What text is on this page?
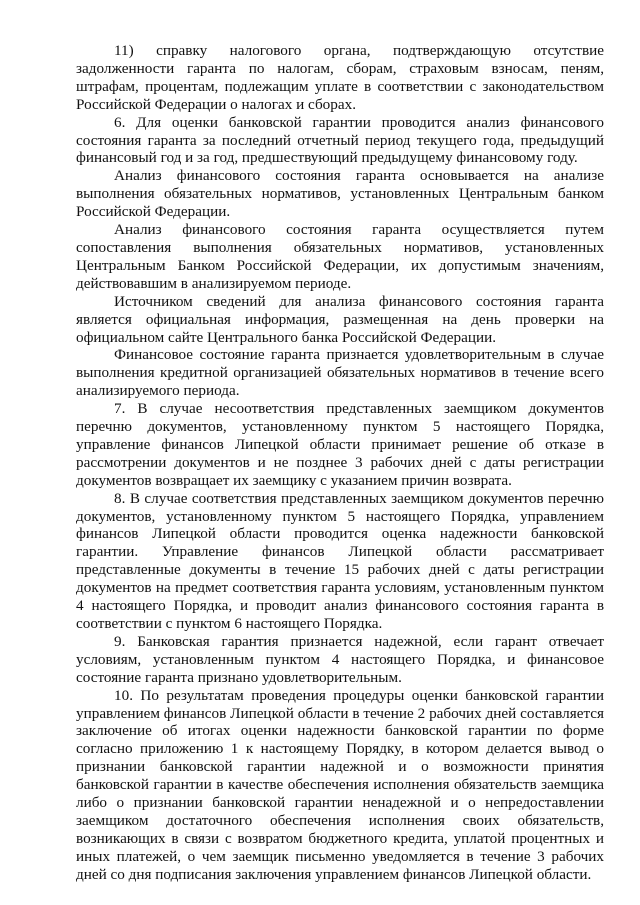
11) справку налогового органа, подтверждающую отсутствие задолженности гаранта по налогам, сборам, страховым взносам, пеням, штрафам, процентам, подлежащим уплате в соответствии с законодательством Российской Федерации о налогах и сборах.

6. Для оценки банковской гарантии проводится анализ финансового состояния гаранта за последний отчетный период текущего года, предыдущий финансовый год и за год, предшествующий предыдущему финансовому году.

Анализ финансового состояния гаранта основывается на анализе выполнения обязательных нормативов, установленных Центральным банком Российской Федерации.

Анализ финансового состояния гаранта осуществляется путем сопоставления выполнения обязательных нормативов, установленных Центральным Банком Российской Федерации, их допустимым значениям, действовавшим в анализируемом периоде.

Источником сведений для анализа финансового состояния гаранта является официальная информация, размещенная на день проверки на официальном сайте Центрального банка Российской Федерации.

Финансовое состояние гаранта признается удовлетворительным в случае выполнения кредитной организацией обязательных нормативов в течение всего анализируемого периода.

7. В случае несоответствия представленных заемщиком документов перечню документов, установленному пунктом 5 настоящего Порядка, управление финансов Липецкой области принимает решение об отказе в рассмотрении документов и не позднее 3 рабочих дней с даты регистрации документов возвращает их заемщику с указанием причин возврата.

8. В случае соответствия представленных заемщиком документов перечню документов, установленному пунктом 5 настоящего Порядка, управлением финансов Липецкой области проводится оценка надежности банковской гарантии. Управление финансов Липецкой области рассматривает представленные документы в течение 15 рабочих дней с даты регистрации документов на предмет соответствия гаранта условиям, установленным пунктом 4 настоящего Порядка, и проводит анализ финансового состояния гаранта в соответствии с пунктом 6 настоящего Порядка.

9. Банковская гарантия признается надежной, если гарант отвечает условиям, установленным пунктом 4 настоящего Порядка, и финансовое состояние гаранта признано удовлетворительным.

10. По результатам проведения процедуры оценки банковской гарантии управлением финансов Липецкой области в течение 2 рабочих дней составляется заключение об итогах оценки надежности банковской гарантии по форме согласно приложению 1 к настоящему Порядку, в котором делается вывод о признании банковской гарантии надежной и о возможности принятия банковской гарантии в качестве обеспечения исполнения обязательств заемщика либо о признании банковской гарантии ненадежной и о непредоставлении заемщиком достаточного обеспечения исполнения своих обязательств, возникающих в связи с возвратом бюджетного кредита, уплатой процентных и иных платежей, о чем заемщик письменно уведомляется в течение 3 рабочих дней со дня подписания заключения управлением финансов Липецкой области.
